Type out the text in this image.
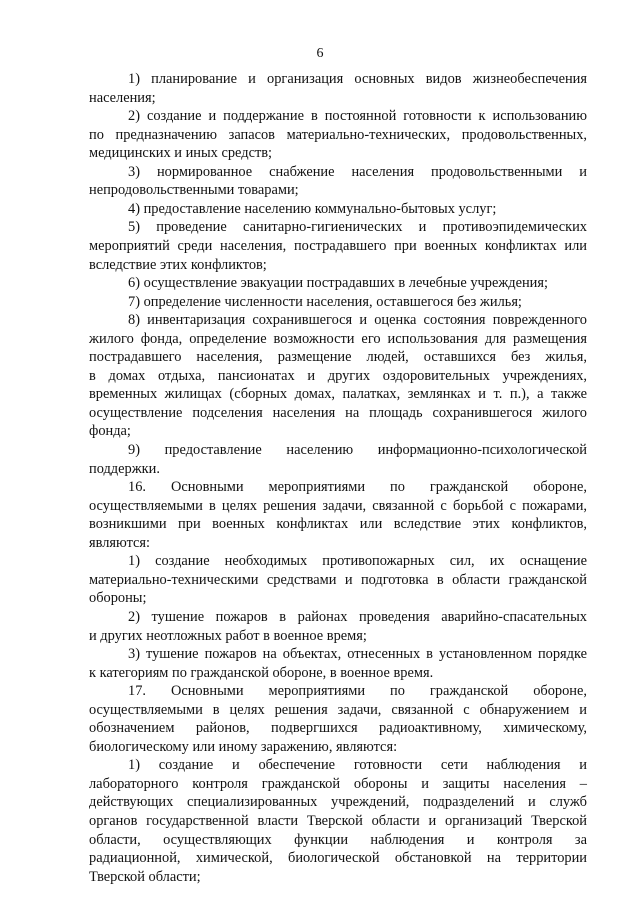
6
1) планирование и организация основных видов жизнеобеспечения
населения;
2) создание и поддержание в постоянной готовности к использованию
по предназначению запасов материально-технических, продовольственных,
медицинских и иных средств;
3) нормированное снабжение населения продовольственными и
непродовольственными товарами;
4) предоставление населению коммунально-бытовых услуг;
5) проведение санитарно-гигиенических и противоэпидемических
мероприятий среди населения, пострадавшего при военных конфликтах или
вследствие этих конфликтов;
6) осуществление эвакуации пострадавших в лечебные учреждения;
7) определение численности населения, оставшегося без жилья;
8) инвентаризация сохранившегося и оценка состояния поврежденного
жилого фонда, определение возможности его использования для размещения
пострадавшего населения, размещение людей, оставшихся без жилья,
в домах отдыха, пансионатах и других оздоровительных учреждениях,
временных жилищах (сборных домах, палатках, землянках и т. п.), а также
осуществление подселения населения на площадь сохранившегося жилого
фонда;
9) предоставление населению информационно-психологической
поддержки.
16. Основными мероприятиями по гражданской обороне,
осуществляемыми в целях решения задачи, связанной с борьбой с пожарами,
возникшими при военных конфликтах или вследствие этих конфликтов,
являются:
1) создание необходимых противопожарных сил, их оснащение
материально-техническими средствами и подготовка в области гражданской
обороны;
2) тушение пожаров в районах проведения аварийно-спасательных
и других неотложных работ в военное время;
3) тушение пожаров на объектах, отнесенных в установленном порядке
к категориям по гражданской обороне, в военное время.
17. Основными мероприятиями по гражданской обороне,
осуществляемыми в целях решения задачи, связанной с обнаружением и
обозначением районов, подвергшихся радиоактивному, химическому,
биологическому или иному заражению, являются:
1) создание и обеспечение готовности сети наблюдения и
лабораторного контроля гражданской обороны и защиты населения –
действующих специализированных учреждений, подразделений и служб
органов государственной власти Тверской области и организаций Тверской
области, осуществляющих функции наблюдения и контроля за
радиационной, химической, биологической обстановкой на территории
Тверской области;
